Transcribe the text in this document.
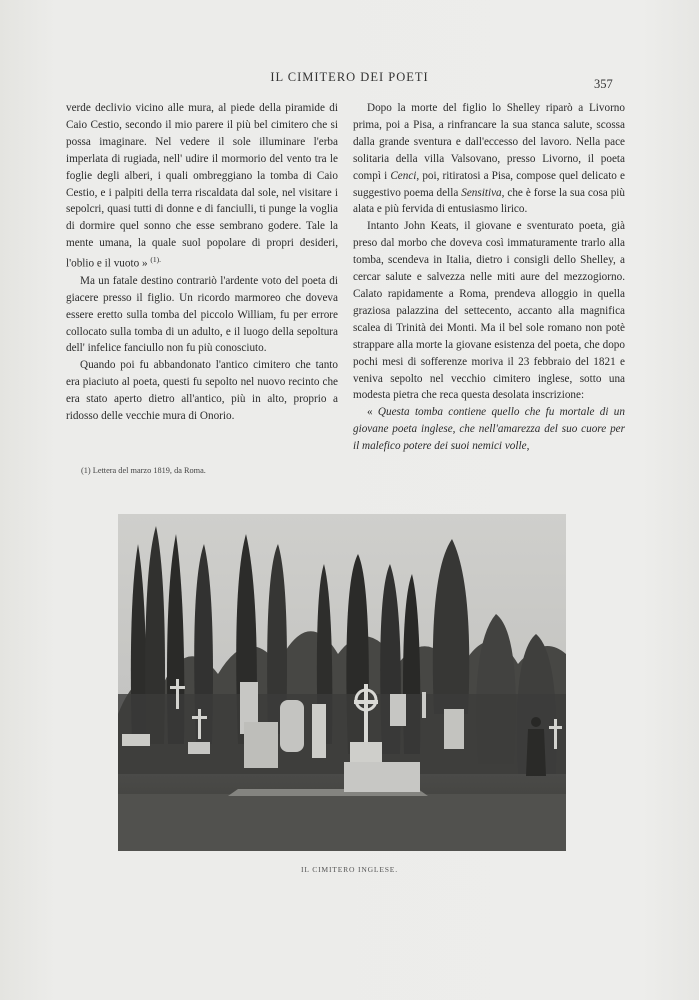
IL CIMITERO DEI POETI	357

verde declivio vicino alle mura, al piede della piramide di Caio Cestio, secondo il mio parere il più bel cimitero che si possa imaginare. Nel vedere il sole illuminare l'erba imperlata di rugiada, nell' udire il mormorio del vento tra le foglie degli alberi, i quali ombreggiano la tomba di Caio Cestio, e i palpiti della terra riscaldata dal sole, nel visitare i sepolcri, quasi tutti di donne e di fanciulli, ti punge la voglia di dormire quel sonno che esse sembrano godere. Tale la mente umana, la quale suol popolare di propri desideri, l'oblio e il vuoto » $^{(1).}$

Ma un fatale destino contrariò l'ardente voto del poeta di giacere presso il figlio. Un ricordo marmoreo che doveva essere eretto sulla tomba del piccolo William, fu per errore collocato sulla tomba di un adulto, e il luogo della sepoltura dell' infelice fanciullo non fu più conosciuto.

Quando poi fu abbandonato l'antico cimitero che tanto era piaciuto al poeta, questi fu sepolto nel nuovo recinto che era stato aperto dietro all'antico, più in alto, proprio a ridosso delle vecchie mura di Onorio.

(1) Lettera del marzo 1819, da Roma.

Dopo la morte del figlio lo Shelley riparò a Livorno prima, poi a Pisa, a rinfrancare la sua stanca salute, scossa dalla grande sventura e dall'eccesso del lavoro. Nella pace solitaria della villa Valsovano, presso Livorno, il poeta compì i Cenci, poi, ritiratosi a Pisa, compose quel delicato e suggestivo poema della Sensitiva, che è forse la sua cosa più alata e più fervida di entusiasmo lirico.

Intanto John Keats, il giovane e sventurato poeta, già preso dal morbo che doveva così immaturamente trarlo alla tomba, scendeva in Italia, dietro i consigli dello Shelley, a cercar salute e salvezza nelle miti aure del mezzogiorno. Calato rapidamente a Roma, prendeva alloggio in quella graziosa palazzina del settecento, accanto alla magnifica scalea di Trinità dei Monti. Ma il bel sole romano non potè strappare alla morte la giovane esistenza del poeta, che dopo pochi mesi di sofferenze moriva il 23 febbraio del 1821 e veniva sepolto nel vecchio cimitero inglese, sotto una modesta pietra che reca questa desolata inscrizione:

« Questa tomba contiene quello che fu mortale di un giovane poeta inglese, che nell'amarezza del suo cuore per il malefico potere dei suoi nemici volle,

IL CIMITERO INGLESE.
